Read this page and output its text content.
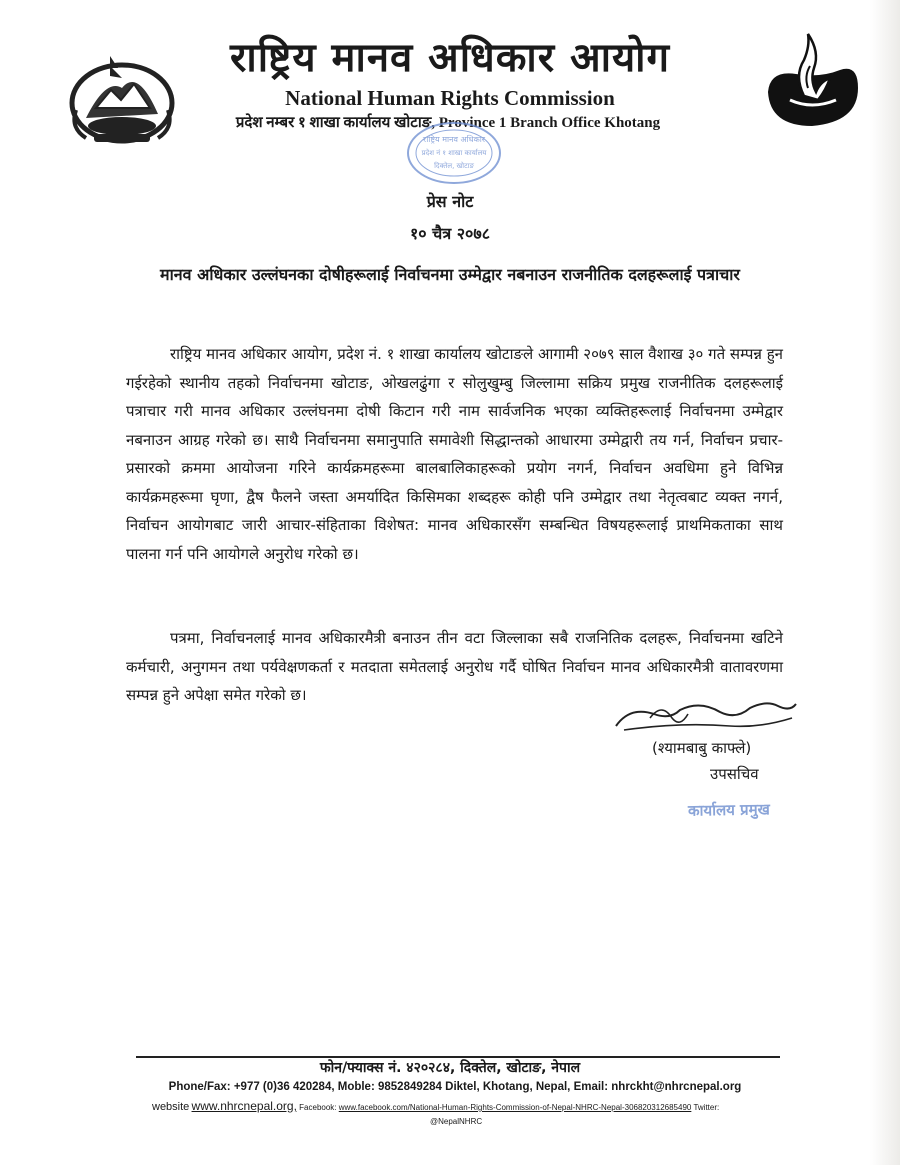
राष्ट्रिय मानव अधिकार आयोग
National Human Rights Commission
प्रदेश नम्बर १ शाखा कार्यालय खोटाङ, Province 1 Branch Office Khotang
राष्ट्रिय मानव अधिकार
प्रदेश नं १ शाखा कार्यालय
दिक्तेल, खोटाङ
प्रेस नोट
१० चैत्र २०७८
मानव अधिकार उल्लंघनका दोषीहरूलाई निर्वाचनमा उम्मेद्वार नबनाउन राजनीतिक दलहरूलाई पत्राचार

राष्ट्रिय मानव अधिकार आयोग, प्रदेश नं. १ शाखा कार्यालय खोटाङले आगामी २०७९ साल वैशाख ३० गते सम्पन्न हुन गईरहेको स्थानीय तहको निर्वाचनमा खोटाङ, ओखलढुंगा र सोलुखुम्बु जिल्लामा सक्रिय प्रमुख राजनीतिक दलहरूलाई पत्राचार गरी मानव अधिकार उल्लंघनमा दोषी किटान गरी नाम सार्वजनिक भएका व्यक्तिहरूलाई निर्वाचनमा उम्मेद्वार नबनाउन आग्रह गरेको छ। साथै निर्वाचनमा समानुपाति समावेशी सिद्धान्तको आधारमा उम्मेद्वारी तय गर्न, निर्वाचन प्रचार-प्रसारको क्रममा आयोजना गरिने कार्यक्रमहरूमा बालबालिकाहरूको प्रयोग नगर्न, निर्वाचन अवधिमा हुने विभिन्न कार्यक्रमहरूमा घृणा, द्वैष फैलने जस्ता अमर्यादित किसिमका शब्दहरू कोही पनि उम्मेद्वार तथा नेतृत्वबाट व्यक्त नगर्न, निर्वाचन आयोगबाट जारी आचार-संहिताका विशेषत: मानव अधिकारसँग सम्बन्धित विषयहरूलाई प्राथमिकताका साथ पालना गर्न पनि आयोगले अनुरोध गरेको छ।

पत्रमा, निर्वाचनलाई मानव अधिकारमैत्री बनाउन तीन वटा जिल्लाका सबै राजनितिक दलहरू, निर्वाचनमा खटिने कर्मचारी, अनुगमन तथा पर्यवेक्षणकर्ता र मतदाता समेतलाई अनुरोध गर्दै घोषित निर्वाचन मानव अधिकारमैत्री वातावरणमा सम्पन्न हुने अपेक्षा समेत गरेको छ।

(श्यामबाबु काफ्ले)
उपसचिव
कार्यालय प्रमुख
फोन/फ्याक्स नं. ४२०२८४, दिक्तेल, खोटाङ, नेपाल
Phone/Fax: +977 (0)36 420284, Moble: 9852849284 Diktel, Khotang, Nepal, Email: nhrckht@nhrcnepal.org
website www.nhrcnepal.org, Facebook: www.facebook.com/National-Human-Rights-Commission-of-Nepal-NHRC-Nepal-306820312685490 Twitter:
@NepalNHRC
